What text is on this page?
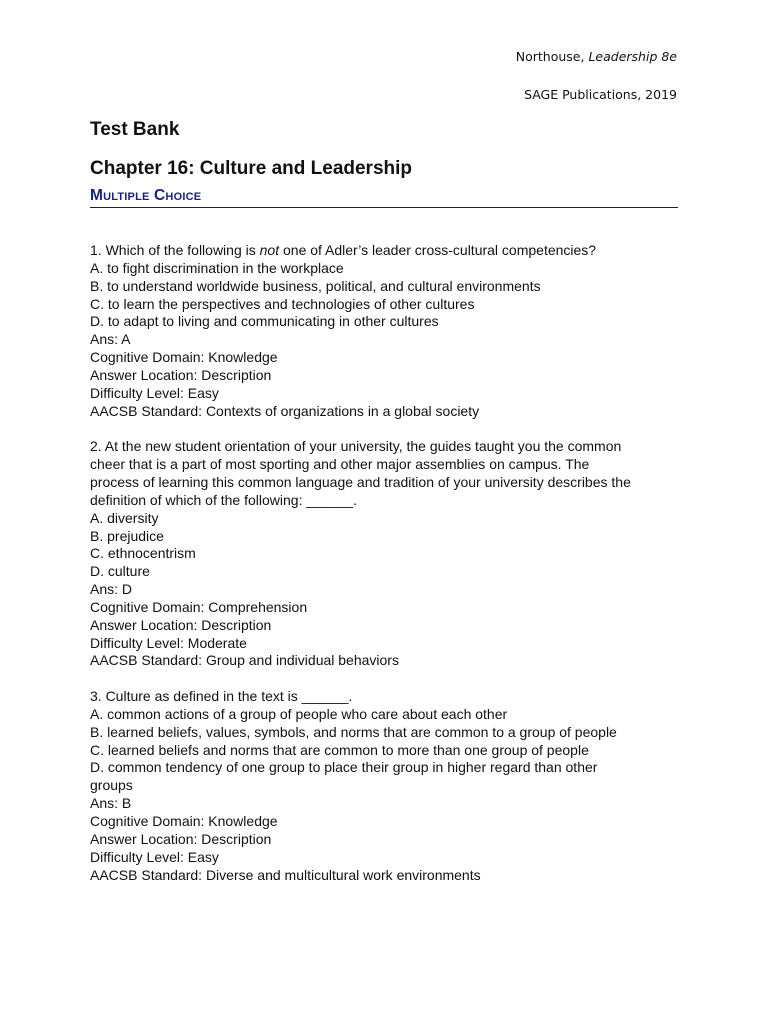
Northouse, Leadership 8e
SAGE Publications, 2019
Test Bank
Chapter 16: Culture and Leadership
Multiple Choice
1. Which of the following is not one of Adler’s leader cross-cultural competencies?
A. to fight discrimination in the workplace
B. to understand worldwide business, political, and cultural environments
C. to learn the perspectives and technologies of other cultures
D. to adapt to living and communicating in other cultures
Ans: A
Cognitive Domain: Knowledge
Answer Location: Description
Difficulty Level: Easy
AACSB Standard: Contexts of organizations in a global society
2. At the new student orientation of your university, the guides taught you the common
cheer that is a part of most sporting and other major assemblies on campus. The
process of learning this common language and tradition of your university describes the
definition of which of the following: ______.
A. diversity
B. prejudice
C. ethnocentrism
D. culture
Ans: D
Cognitive Domain: Comprehension
Answer Location: Description
Difficulty Level: Moderate
AACSB Standard: Group and individual behaviors
3. Culture as defined in the text is ______.
A. common actions of a group of people who care about each other
B. learned beliefs, values, symbols, and norms that are common to a group of people
C. learned beliefs and norms that are common to more than one group of people
D. common tendency of one group to place their group in higher regard than other
groups
Ans: B
Cognitive Domain: Knowledge
Answer Location: Description
Difficulty Level: Easy
AACSB Standard: Diverse and multicultural work environments
